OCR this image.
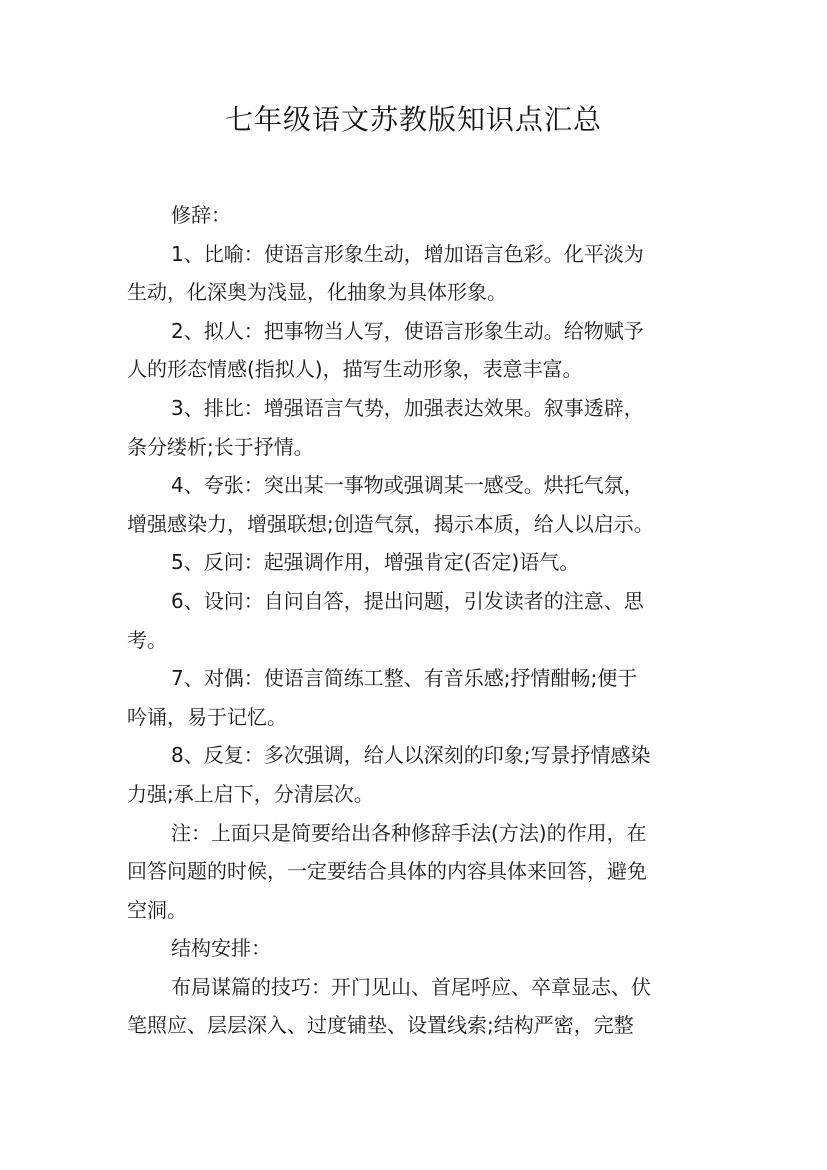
七年级语文苏教版知识点汇总
修辞：
1、比喻：使语言形象生动，增加语言色彩。化平淡为
生动，化深奥为浅显，化抽象为具体形象。
2、拟人：把事物当人写，使语言形象生动。给物赋予
人的形态情感(指拟人)，描写生动形象，表意丰富。
3、排比：增强语言气势，加强表达效果。叙事透辟，
条分缕析;长于抒情。
4、夸张：突出某一事物或强调某一感受。烘托气氛，
增强感染力，增强联想;创造气氛，揭示本质，给人以启示。
5、反问：起强调作用，增强肯定(否定)语气。
6、设问：自问自答，提出问题，引发读者的注意、思
考。
7、对偶：使语言简练工整、有音乐感;抒情酣畅;便于
吟诵，易于记忆。
8、反复：多次强调，给人以深刻的印象;写景抒情感染
力强;承上启下，分清层次。
注：上面只是简要给出各种修辞手法(方法)的作用，在
回答问题的时候，一定要结合具体的内容具体来回答，避免
空洞。
结构安排：
布局谋篇的技巧：开门见山、首尾呼应、卒章显志、伏
笔照应、层层深入、过度铺垫、设置线索;结构严密，完整
